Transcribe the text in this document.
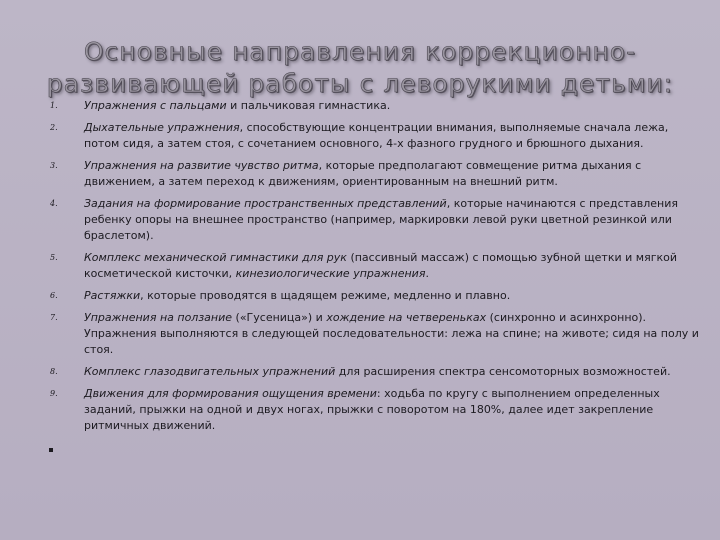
Основные направления коррекционно-
развивающей работы с леворукими детьми:
1.	Упражнения с пальцами и пальчиковая гимнастика.
2.	Дыхательные упражнения, способствующие концентрации внимания, выполняемые сначала лежа, потом сидя, а затем стоя, с сочетанием основного, 4-х фазного грудного и брюшного дыхания.
3.	Упражнения на развитие чувство ритма, которые предполагают совмещение ритма дыхания с движением, а затем переход к движениям, ориентированным на внешний ритм.
4.	Задания на формирование пространственных представлений, которые начинаются с представления ребенку опоры на внешнее пространство (например, маркировки левой руки цветной резинкой или браслетом).
5.	Комплекс механической гимнастики для рук (пассивный массаж) с помощью зубной щетки и мягкой косметической кисточки, кинезиологические упражнения.
6.	Растяжки, которые проводятся в щадящем режиме, медленно и плавно.
7.	Упражнения на ползание («Гусеница») и хождение на четвереньках (синхронно и асинхронно). Упражнения выполняются в следующей последовательности: лежа на спине; на животе; сидя на полу и стоя.
8.	Комплекс глазодвигательных упражнений для расширения спектра сенсомоторных возможностей.
9.	Движения для формирования ощущения времени: ходьба по кругу с выполнением определенных заданий, прыжки на одной и двух ногах, прыжки с поворотом на 180%, далее идет закрепление ритмичных движений.
